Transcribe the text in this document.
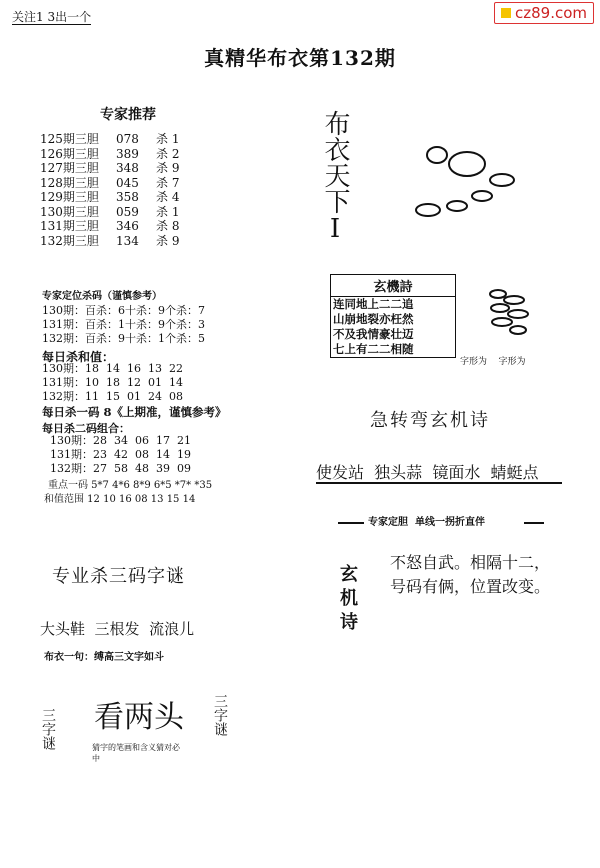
关注1 3出一个	cz89.com
真精华布衣第132期
专家推荐
125期三胆 078 杀 1
126期三胆 389 杀 2
127期三胆 348 杀 9
128期三胆 045 杀 7
129期三胆 358 杀 4
130期三胆 059 杀 1
131期三胆 346 杀 8
132期三胆 134 杀 9
专家定位杀码（谨慎参考）
130期：百杀：6十杀：9个杀：7
131期：百杀：1十杀：9个杀：3
132期：百杀：9十杀：1个杀：5
每日杀和值：
130期：18  14  16  13  22
131期：10  18  12  01  14
132期：11  15  01  24  08
每日杀一码 8《上期准，谨慎参考》
每日杀二码组合：
130期：28  34  06  17  21
131期：23  42  08  14  19
132期：27  58  48  39  09
重点一码 5*7 4*6 8*9 6*5 *7* *35
和值范围 12 10 16 08 13 15 14
专业杀三码字谜
大头鞋  三根发  流浪儿
布衣一句：缚高三文字如斗
三字谜 看两头 三字谜
猜字的笔画和含义猜对必中
布衣天下Ⅰ
玄機詩
连同地上二二追
山崩地裂亦枉然
不及我情豪壮迈
七上有二二相随
字形为    字形为
急转弯玄机诗
使发站  独头蒜  镜面水  蜻蜓点
专家定胆  单线一拐折直伴
玄机诗
不怒自武。相隔十二，
号码有俩，位置改变。
